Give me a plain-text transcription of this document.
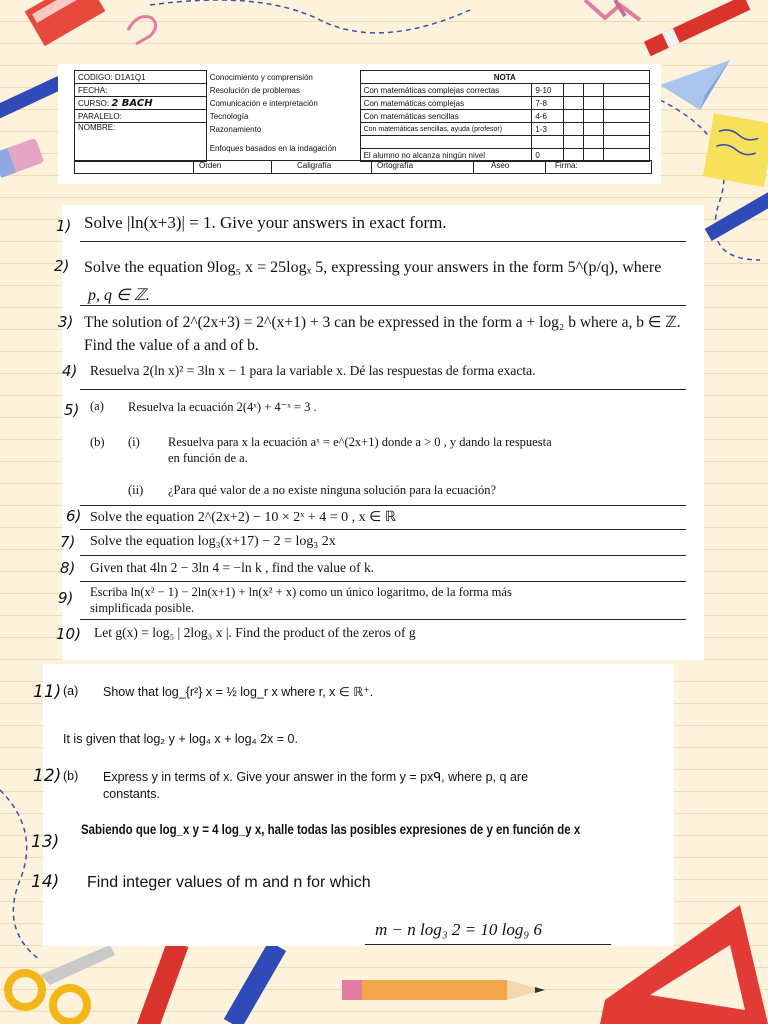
CODIGO: D1A1Q1	Conocimiento y comprensión	NOTA				
FECHA:	Resolución de problemas	Con matemáticas complejas correctas	9-10			
CURSO: 2 BACH	Comunicación e interpretación	Con matemáticas complejas	7-8			
PARALELO:	Tecnología	Con matemáticas sencillas	4-6			
NOMBRE:	Razonamiento	Con matemáticas sencillas, ayuda (profesor)	1-3			
	Enfoques basados en la indagación					
		El alumno no alcanza ningún nivel	0			
Orden	Caligrafía	Ortografía	Aseo	Firma:
1) Solve |ln(x+3)| = 1. Give your answers in exact form.
2) Solve the equation 9log₅ x = 25logₓ 5, expressing your answers in the form 5^(p/q), where
p, q ∈ ℤ.
3) The solution of 2^(2x+3) = 2^(x+1) + 3 can be expressed in the form a + log₂ b where a, b ∈ ℤ.
Find the value of a and of b.
4) Resuelva 2(ln x)² = 3ln x − 1 para la variable x. Dé las respuestas de forma exacta.
5) (a) Resuelva la ecuación 2(4ˣ) + 4⁻ˣ = 3 .
(b) (i) Resuelva para x la ecuación aˣ = e^(2x+1) donde a > 0 , y dando la respuesta
en función de a.
(ii) ¿Para qué valor de a no existe ninguna solución para la ecuación?
6) Solve the equation 2^(2x+2) − 10 × 2ˣ + 4 = 0 , x ∈ ℝ
7) Solve the equation log₃(x+17) − 2 = log₃ 2x
8) Given that 4ln 2 − 3ln 4 = −ln k , find the value of k.
9) Escriba ln(x² − 1) − 2ln(x+1) + ln(x² + x) como un único logaritmo, de la forma más
simplificada posible.
10) Let g(x) = log₅ | 2log₃ x |. Find the product of the zeros of g
11) (a) Show that log_{r²} x = ½ log_r x where r, x ∈ ℝ⁺.
It is given that log₂ y + log₄ x + log₄ 2x = 0.
12) (b) Express y in terms of x. Give your answer in the form y = pxᑫ, where p, q are
constants.
13)
Sabiendo que log_x y = 4 log_y x, halle todas las posibles expresiones de y en función de x
14) Find integer values of m and n for which
m − n log₃ 2 = 10 log₉ 6
